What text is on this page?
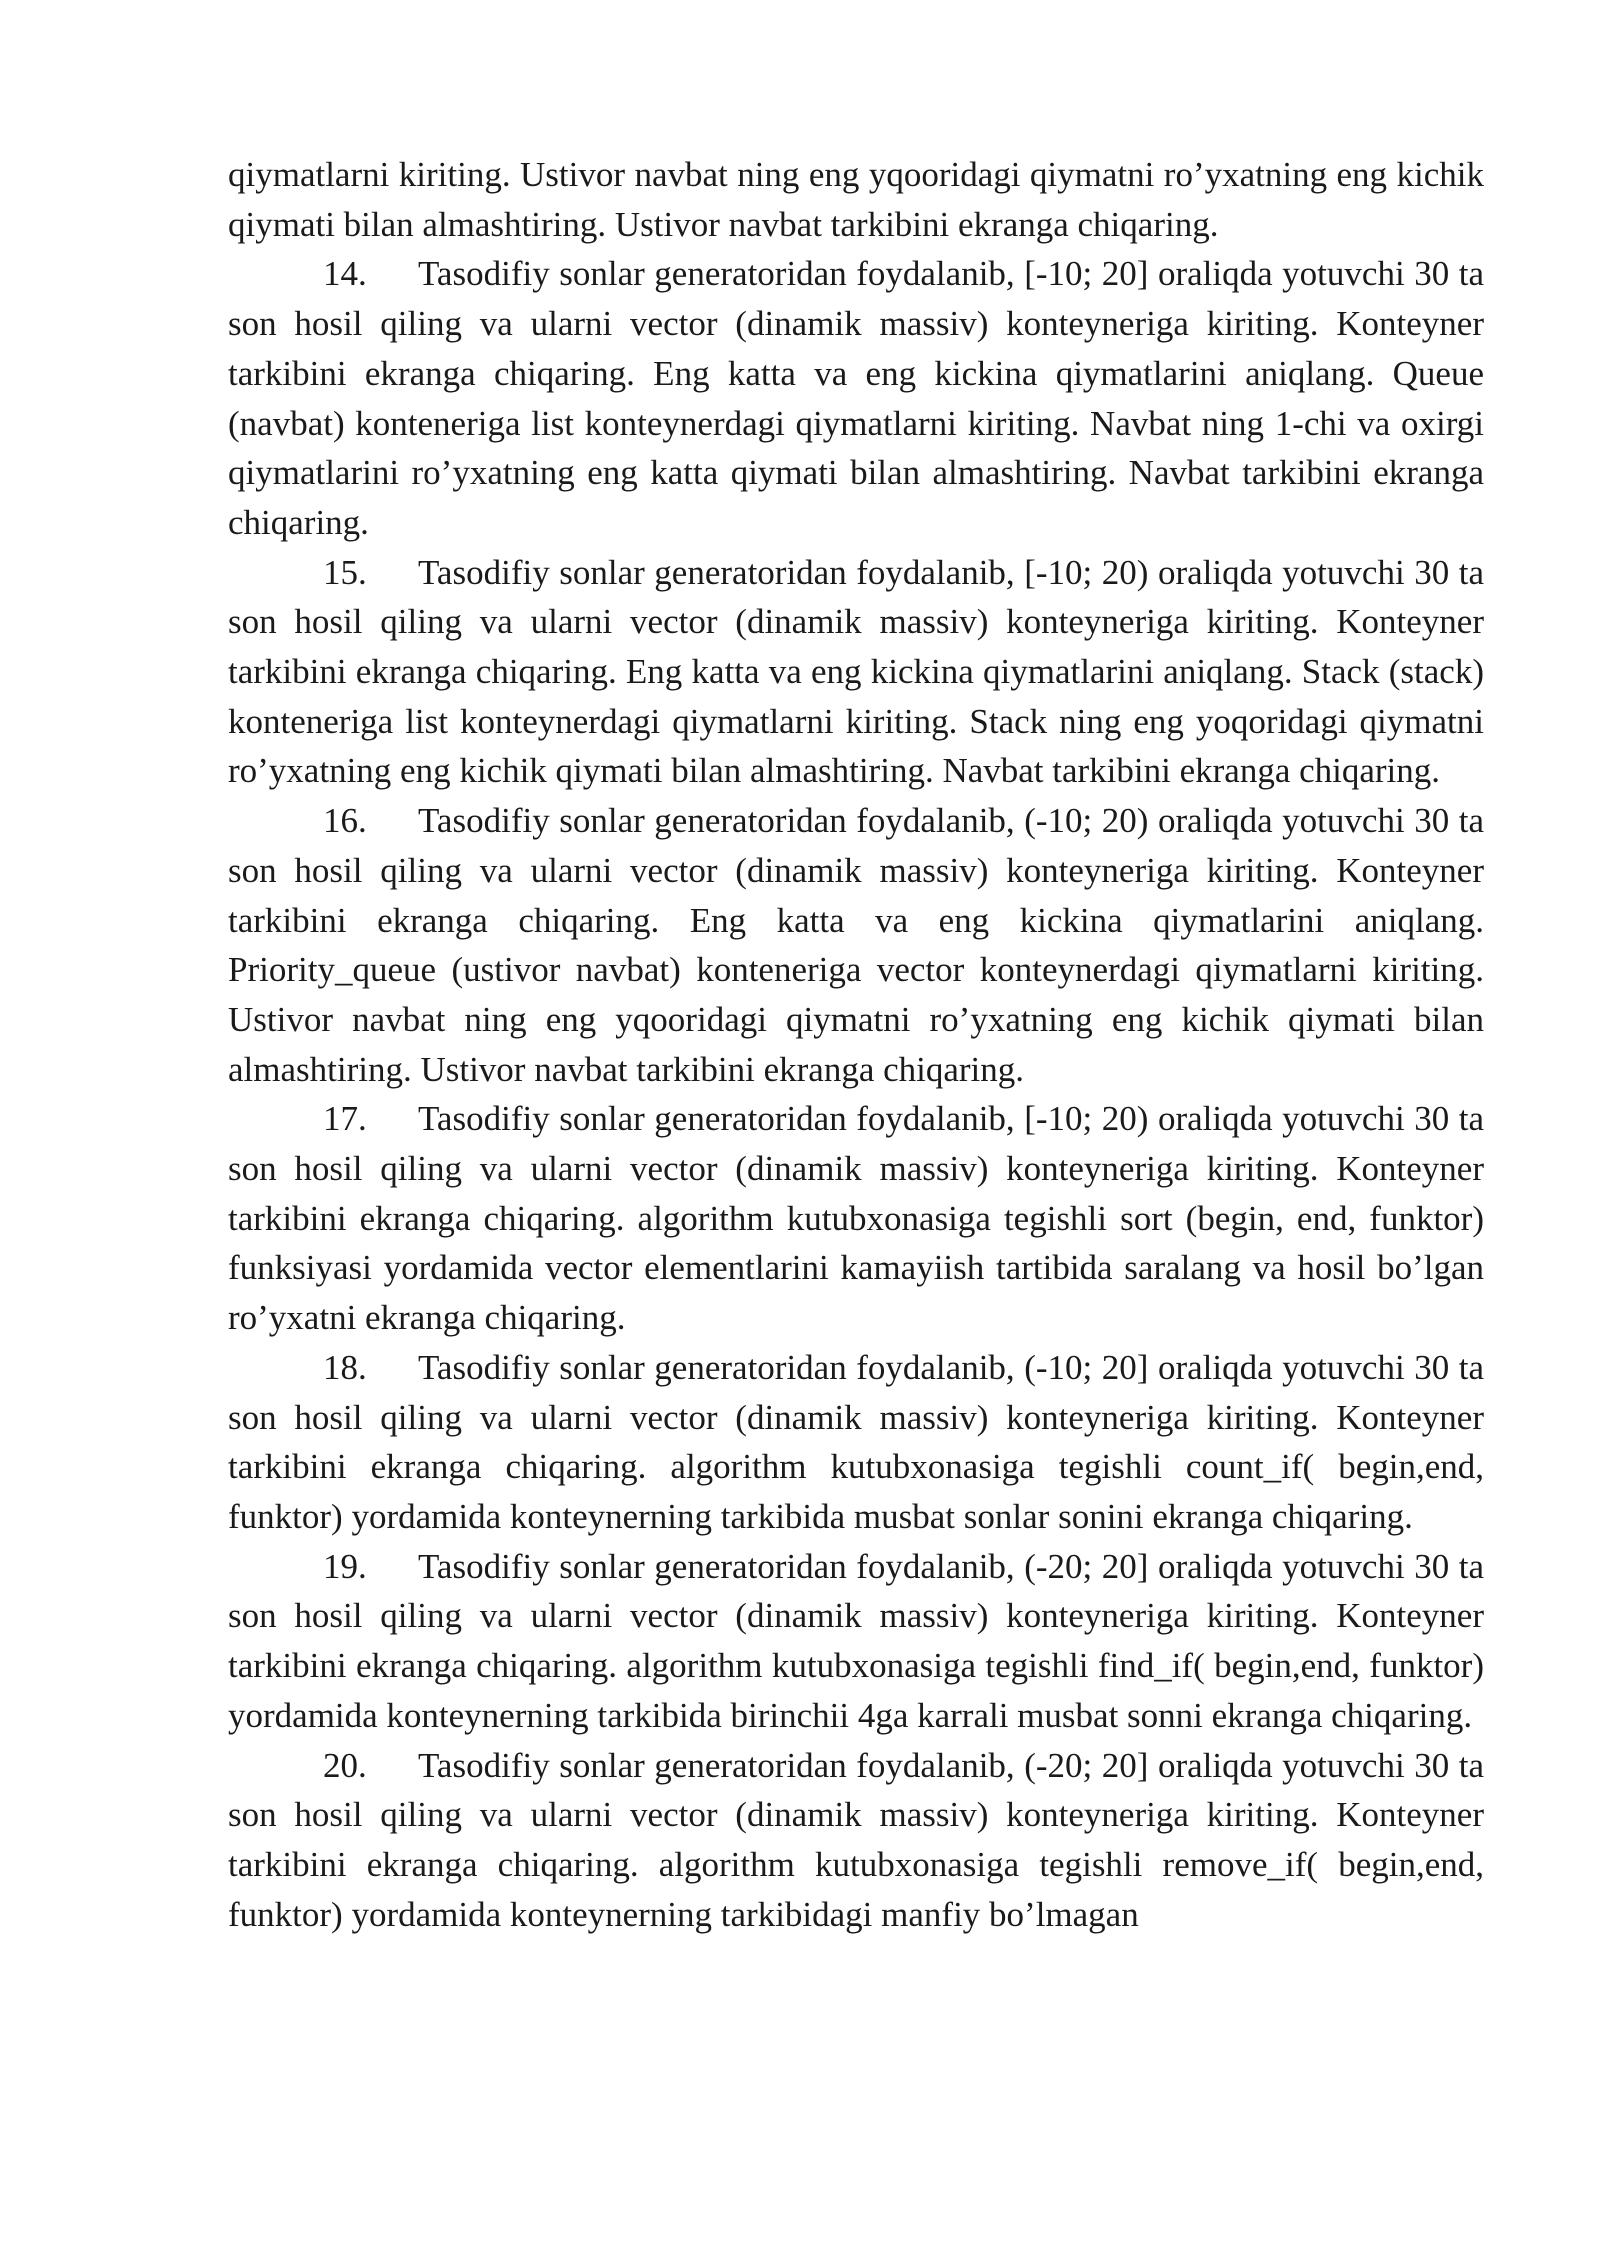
qiymatlarni kiriting. Ustivor navbat ning eng yqooridagi qiymatni ro’yxatning eng kichik qiymati bilan almashtiring. Ustivor navbat tarkibini ekranga chiqaring.

14. Tasodifiy sonlar generatoridan foydalanib, [-10; 20] oraliqda yotuvchi 30 ta son hosil qiling va ularni vector (dinamik massiv) konteyneriga kiriting. Konteyner tarkibini ekranga chiqaring. Eng katta va eng kickina qiymatlarini aniqlang. Queue (navbat) konteneriga list konteynerdagi qiymatlarni kiriting. Navbat ning 1-chi va oxirgi qiymatlarini ro’yxatning eng katta qiymati bilan almashtiring. Navbat tarkibini ekranga chiqaring.

15. Tasodifiy sonlar generatoridan foydalanib, [-10; 20) oraliqda yotuvchi 30 ta son hosil qiling va ularni vector (dinamik massiv) konteyneriga kiriting. Konteyner tarkibini ekranga chiqaring. Eng katta va eng kickina qiymatlarini aniqlang. Stack (stack) konteneriga list konteynerdagi qiymatlarni kiriting. Stack ning eng yoqoridagi qiymatni ro’yxatning eng kichik qiymati bilan almashtiring. Navbat tarkibini ekranga chiqaring.

16. Tasodifiy sonlar generatoridan foydalanib, (-10; 20) oraliqda yotuvchi 30 ta son hosil qiling va ularni vector (dinamik massiv) konteyneriga kiriting. Konteyner tarkibini ekranga chiqaring. Eng katta va eng kickina qiymatlarini aniqlang. Priority_queue (ustivor navbat) konteneriga vector konteynerdagi qiymatlarni kiriting. Ustivor navbat ning eng yqooridagi qiymatni ro’yxatning eng kichik qiymati bilan almashtiring. Ustivor navbat tarkibini ekranga chiqaring.

17. Tasodifiy sonlar generatoridan foydalanib, [-10; 20) oraliqda yotuvchi 30 ta son hosil qiling va ularni vector (dinamik massiv) konteyneriga kiriting. Konteyner tarkibini ekranga chiqaring. algorithm kutubxonasiga tegishli sort (begin, end, funktor) funksiyasi yordamida vector elementlarini kamayiish tartibida saralang va hosil bo’lgan ro’yxatni ekranga chiqaring.

18. Tasodifiy sonlar generatoridan foydalanib, (-10; 20] oraliqda yotuvchi 30 ta son hosil qiling va ularni vector (dinamik massiv) konteyneriga kiriting. Konteyner tarkibini ekranga chiqaring. algorithm kutubxonasiga tegishli count_if( begin,end, funktor) yordamida konteynerning tarkibida musbat sonlar sonini ekranga chiqaring.

19. Tasodifiy sonlar generatoridan foydalanib, (-20; 20] oraliqda yotuvchi 30 ta son hosil qiling va ularni vector (dinamik massiv) konteyneriga kiriting. Konteyner tarkibini ekranga chiqaring. algorithm kutubxonasiga tegishli find_if( begin,end, funktor) yordamida konteynerning tarkibida birinchii 4ga karrali musbat sonni ekranga chiqaring.

20. Tasodifiy sonlar generatoridan foydalanib, (-20; 20] oraliqda yotuvchi 30 ta son hosil qiling va ularni vector (dinamik massiv) konteyneriga kiriting. Konteyner tarkibini ekranga chiqaring. algorithm kutubxonasiga tegishli remove_if( begin,end, funktor) yordamida konteynerning tarkibidagi manfiy bo’lmagan
